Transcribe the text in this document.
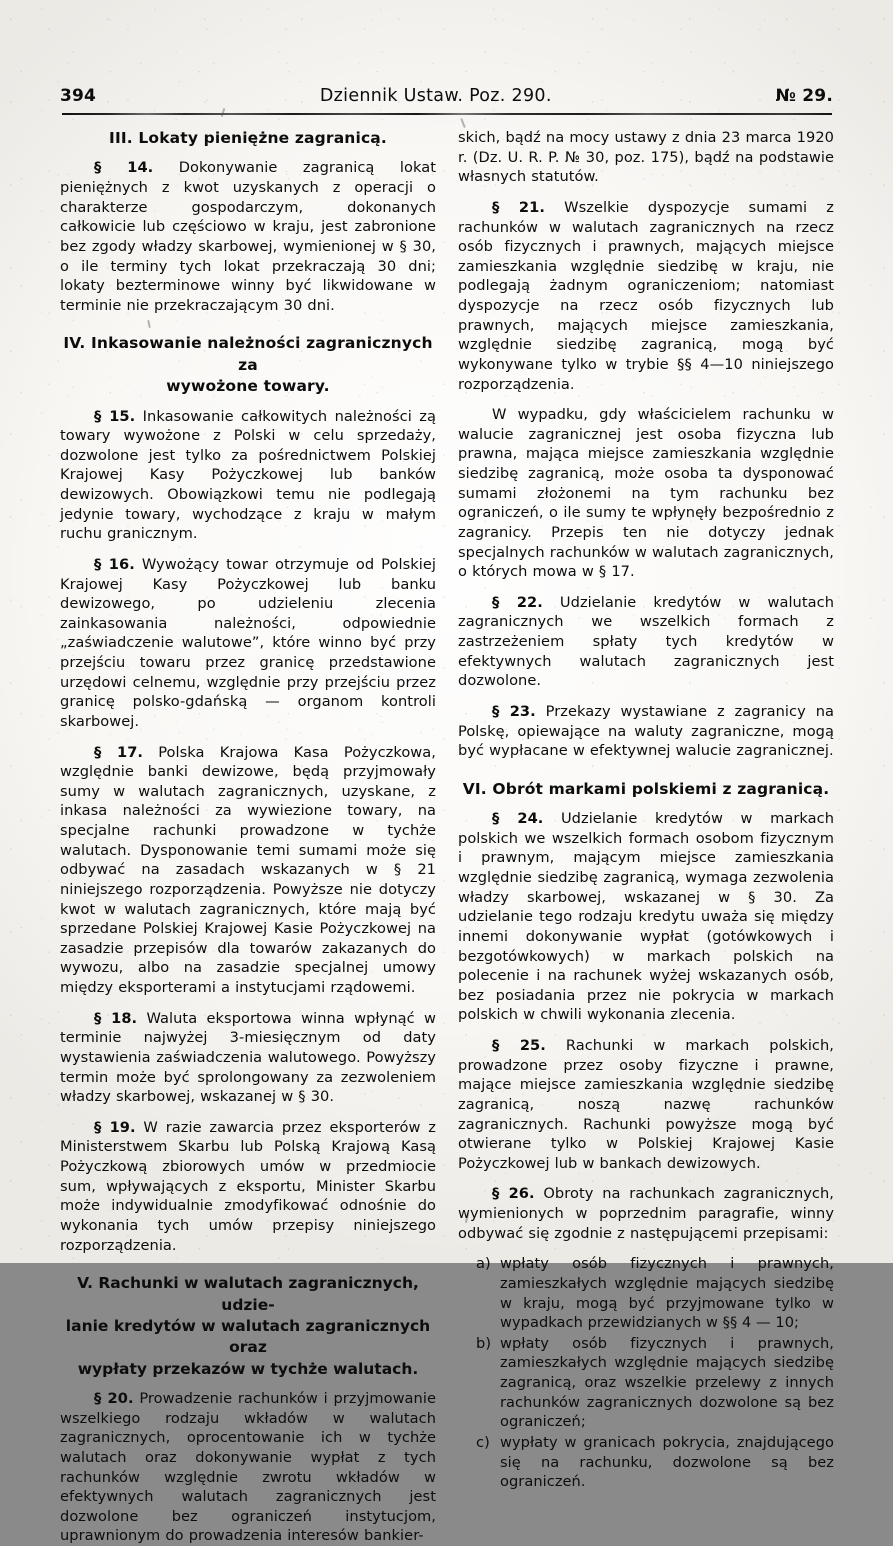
394	Dziennik Ustaw. Poz. 290.	№ 29.
III. Lokaty pieniężne zagranicą.

§ 14. Dokonywanie zagranicą lokat pieniężnych z kwot uzyskanych z operacji o charakterze gospodarczym, dokonanych całkowicie lub częściowo w kraju, jest zabronione bez zgody władzy skarbowej, wymienionej w § 30, o ile terminy tych lokat przekraczają 30 dni; lokaty bezterminowe winny być likwidowane w terminie nie przekraczającym 30 dni.

IV. Inkasowanie należności zagranicznych za
wywożone towary.

§ 15. Inkasowanie całkowitych należności zą towary wywożone z Polski w celu sprzedaży, dozwolone jest tylko za pośrednictwem Polskiej Krajowej Kasy Pożyczkowej lub banków dewizowych. Obowiązkowi temu nie podlegają jedynie towary, wychodzące z kraju w małym ruchu granicznym.

§ 16. Wywożący towar otrzymuje od Polskiej Krajowej Kasy Pożyczkowej lub banku dewizowego, po udzieleniu zlecenia zainkasowania należności, odpowiednie „zaświadczenie walutowe”, które winno być przy przejściu towaru przez granicę przedstawione urzędowi celnemu, względnie przy przejściu przez granicę polsko-gdańską — organom kontroli skarbowej.

§ 17. Polska Krajowa Kasa Pożyczkowa, względnie banki dewizowe, będą przyjmowały sumy w walutach zagranicznych, uzyskane, z inkasa należności za wywiezione towary, na specjalne rachunki prowadzone w tychże walutach. Dysponowanie temi sumami może się odbywać na zasadach wskazanych w § 21 niniejszego rozporządzenia. Powyższe nie dotyczy kwot w walutach zagranicznych, które mają być sprzedane Polskiej Krajowej Kasie Pożyczkowej na zasadzie przepisów dla towarów zakazanych do wywozu, albo na zasadzie specjalnej umowy między eksporterami a instytucjami rządowemi.

§ 18. Waluta eksportowa winna wpłynąć w terminie najwyżej 3-miesięcznym od daty wystawienia zaświadczenia walutowego. Powyższy termin może być sprolongowany za zezwoleniem władzy skarbowej, wskazanej w § 30.

§ 19. W razie zawarcia przez eksporterów z Ministerstwem Skarbu lub Polską Krajową Kasą Pożyczkową zbiorowych umów w przedmiocie sum, wpływających z eksportu, Minister Skarbu może indywidualnie zmodyfikować odnośnie do wykonania tych umów przepisy niniejszego rozporządzenia.

V. Rachunki w walutach zagranicznych, udzie-
lanie kredytów w walutach zagranicznych oraz
wypłaty przekazów w tychże walutach.

§ 20. Prowadzenie rachunków i przyjmowanie wszelkiego rodzaju wkładów w walutach zagranicznych, oprocentowanie ich w tychże walutach oraz dokonywanie wypłat z tych rachunków względnie zwrotu wkładów w efektywnych walutach zagranicznych jest dozwolone bez ograniczeń instytucjom, uprawnionym do prowadzenia interesów bankier-

skich, bądź na mocy ustawy z dnia 23 marca 1920 r. (Dz. U. R. P. № 30, poz. 175), bądź na podstawie własnych statutów.

§ 21. Wszelkie dyspozycje sumami z rachunków w walutach zagranicznych na rzecz osób fizycznych i prawnych, mających miejsce zamieszkania względnie siedzibę w kraju, nie podlegają żadnym ograniczeniom; natomiast dyspozycje na rzecz osób fizycznych lub prawnych, mających miejsce zamieszkania, względnie siedzibę zagranicą, mogą być wykonywane tylko w trybie §§ 4—10 niniejszego rozporządzenia.

W wypadku, gdy właścicielem rachunku w walucie zagranicznej jest osoba fizyczna lub prawna, mająca miejsce zamieszkania względnie siedzibę zagranicą, może osoba ta dysponować sumami złożonemi na tym rachunku bez ograniczeń, o ile sumy te wpłynęły bezpośrednio z zagranicy. Przepis ten nie dotyczy jednak specjalnych rachunków w walutach zagranicznych, o których mowa w § 17.

§ 22. Udzielanie kredytów w walutach zagranicznych we wszelkich formach z zastrzeżeniem spłaty tych kredytów w efektywnych walutach zagranicznych jest dozwolone.

§ 23. Przekazy wystawiane z zagranicy na Polskę, opiewające na waluty zagraniczne, mogą być wypłacane w efektywnej walucie zagranicznej.

VI. Obrót markami polskiemi z zagranicą.

§ 24. Udzielanie kredytów w markach polskich we wszelkich formach osobom fizycznym i prawnym, mającym miejsce zamieszkania względnie siedzibę zagranicą, wymaga zezwolenia władzy skarbowej, wskazanej w § 30. Za udzielanie tego rodzaju kredytu uważa się między innemi dokonywanie wypłat (gotówkowych i bezgotówkowych) w markach polskich na polecenie i na rachunek wyżej wskazanych osób, bez posiadania przez nie pokrycia w markach polskich w chwili wykonania zlecenia.

§ 25. Rachunki w markach polskich, prowadzone przez osoby fizyczne i prawne, mające miejsce zamieszkania względnie siedzibę zagranicą, noszą nazwę rachunków zagranicznych. Rachunki powyższe mogą być otwierane tylko w Polskiej Krajowej Kasie Pożyczkowej lub w bankach dewizowych.

§ 26. Obroty na rachunkach zagranicznych, wymienionych w poprzednim paragrafie, winny odbywać się zgodnie z następującemi przepisami:

a) wpłaty osób fizycznych i prawnych, zamieszkałych względnie mających siedzibę w kraju, mogą być przyjmowane tylko w wypadkach przewidzianych w §§ 4 — 10;
b) wpłaty osób fizycznych i prawnych, zamieszkałych względnie mających siedzibę zagranicą, oraz wszelkie przelewy z innych rachunków zagranicznych dozwolone są bez ograniczeń;
c) wypłaty w granicach pokrycia, znajdującego się na rachunku, dozwolone są bez ograniczeń.
